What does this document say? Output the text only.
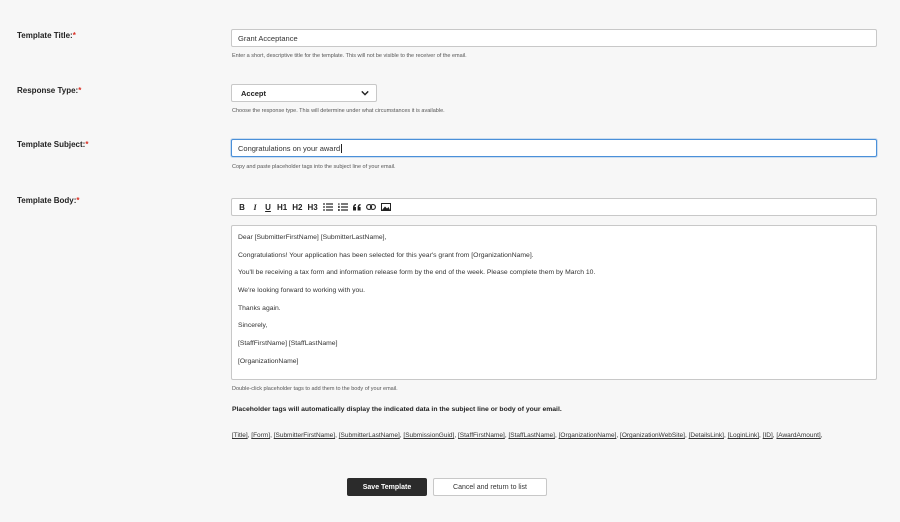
Template Title:*	Grant Acceptance
Enter a short, descriptive title for the template. This will not be visible to the receiver of the email.
Response Type:*	Accept
Choose the response type. This will determine under what circumstances it is available.
Template Subject:*	Congratulations on your award
Copy and paste placeholder tags into the subject line of your email.
Template Body:*
B	I	U H1 H2 H3
Dear [SubmitterFirstName] [SubmitterLastName],
Congratulations! Your application has been selected for this year's grant from [OrganizationName].
You'll be receiving a tax form and information release form by the end of the week. Please complete them by March 10.
We're looking forward to working with you.
Thanks again.
Sincerely,
[StaffFirstName] [StaffLastName]
[OrganizationName]
Double-click placeholder tags to add them to the body of your email.
Placeholder tags will automatically display the indicated data in the subject line or body of your email.
[Title], [Form], [SubmitterFirstName], [SubmitterLastName], [SubmissionGuid], [StaffFirstName], [StaffLastName], [OrganizationName], [OrganizationWebSite], [DetailsLink], [LoginLink], [ID], [AwardAmount],
Save Template	Cancel and return to list
